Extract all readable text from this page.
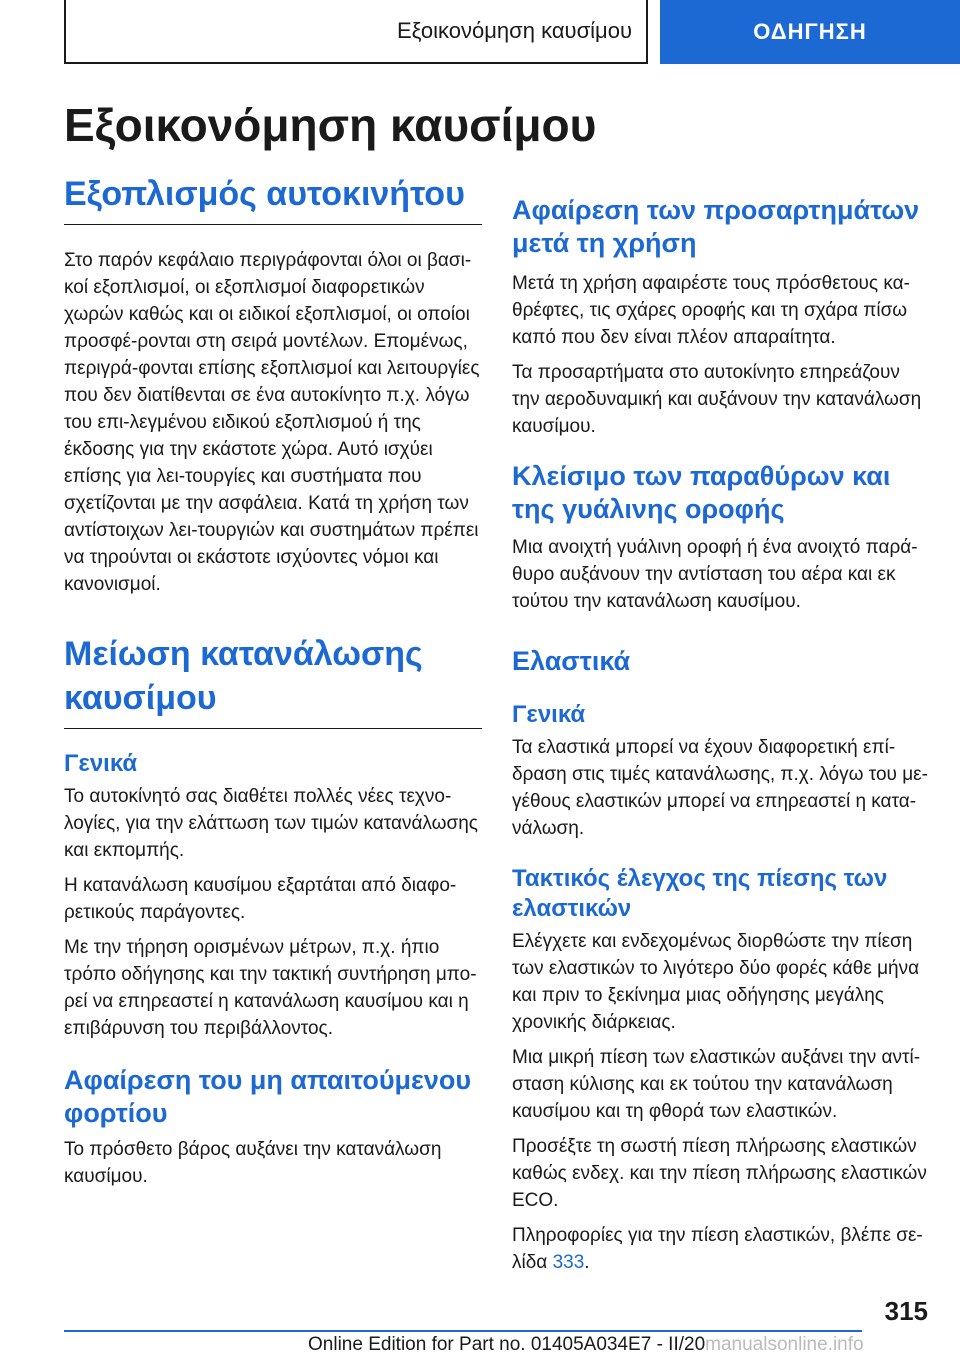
Εξοικονόμηση καυσίμου	ΟΔΗΓΗΣΗ
Εξοικονόμηση καυσίμου
Εξοπλισμός αυτοκινήτου

Στο παρόν κεφάλαιο περιγράφονται όλοι οι βασι-κοί εξοπλισμοί, οι εξοπλισμοί διαφορετικών χωρών καθώς και οι ειδικοί εξοπλισμοί, οι οποίοι προσφέ-ρονται στη σειρά μοντέλων. Επομένως, περιγρά-φονται επίσης εξοπλισμοί και λειτουργίες που δεν διατίθενται σε ένα αυτοκίνητο π.χ. λόγω του επι-λεγμένου ειδικού εξοπλισμού ή της έκδοσης για την εκάστοτε χώρα. Αυτό ισχύει επίσης για λει-τουργίες και συστήματα που σχετίζονται με την ασφάλεια. Κατά τη χρήση των αντίστοιχων λει-τουργιών και συστημάτων πρέπει να τηρούνται οι εκάστοτε ισχύοντες νόμοι και κανονισμοί.

Μείωση κατανάλωσης καυσίμου
Γενικά

Το αυτοκίνητό σας διαθέτει πολλές νέες τεχνο-λογίες, για την ελάττωση των τιμών κατανάλωσης και εκπομπής.

Η κατανάλωση καυσίμου εξαρτάται από διαφο-ρετικούς παράγοντες.

Με την τήρηση ορισμένων μέτρων, π.χ. ήπιο τρόπο οδήγησης και την τακτική συντήρηση μπο-ρεί να επηρεαστεί η κατανάλωση καυσίμου και η επιβάρυνση του περιβάλλοντος.

Αφαίρεση του μη απαιτούμενου φορτίου

Το πρόσθετο βάρος αυξάνει την κατανάλωση καυσίμου.

Αφαίρεση των προσαρτημάτων μετά τη χρήση

Μετά τη χρήση αφαιρέστε τους πρόσθετους κα-θρέφτες, τις σχάρες οροφής και τη σχάρα πίσω καπό που δεν είναι πλέον απαραίτητα.

Τα προσαρτήματα στο αυτοκίνητο επηρεάζουν την αεροδυναμική και αυξάνουν την κατανάλωση καυσίμου.

Κλείσιμο των παραθύρων και της γυάλινης οροφής

Μια ανοιχτή γυάλινη οροφή ή ένα ανοιχτό παρά-θυρο αυξάνουν την αντίσταση του αέρα και εκ τούτου την κατανάλωση καυσίμου.

Ελαστικά
Γενικά

Τα ελαστικά μπορεί να έχουν διαφορετική επί-δραση στις τιμές κατανάλωσης, π.χ. λόγω του με-γέθους ελαστικών μπορεί να επηρεαστεί η κατα-νάλωση.

Τακτικός έλεγχος της πίεσης των ελαστικών

Ελέγχετε και ενδεχομένως διορθώστε την πίεση των ελαστικών το λιγότερο δύο φορές κάθε μήνα και πριν το ξεκίνημα μιας οδήγησης μεγάλης χρονικής διάρκειας.

Μια μικρή πίεση των ελαστικών αυξάνει την αντί-σταση κύλισης και εκ τούτου την κατανάλωση καυσίμου και τη φθορά των ελαστικών.

Προσέξτε τη σωστή πίεση πλήρωσης ελαστικών καθώς ενδεχ. και την πίεση πλήρωσης ελαστικών ECO.

Πληροφορίες για την πίεση ελαστικών, βλέπε σε-λίδα 333.

315
Online Edition for Part no. 01405A034E7 - II/20manualsonline.info
